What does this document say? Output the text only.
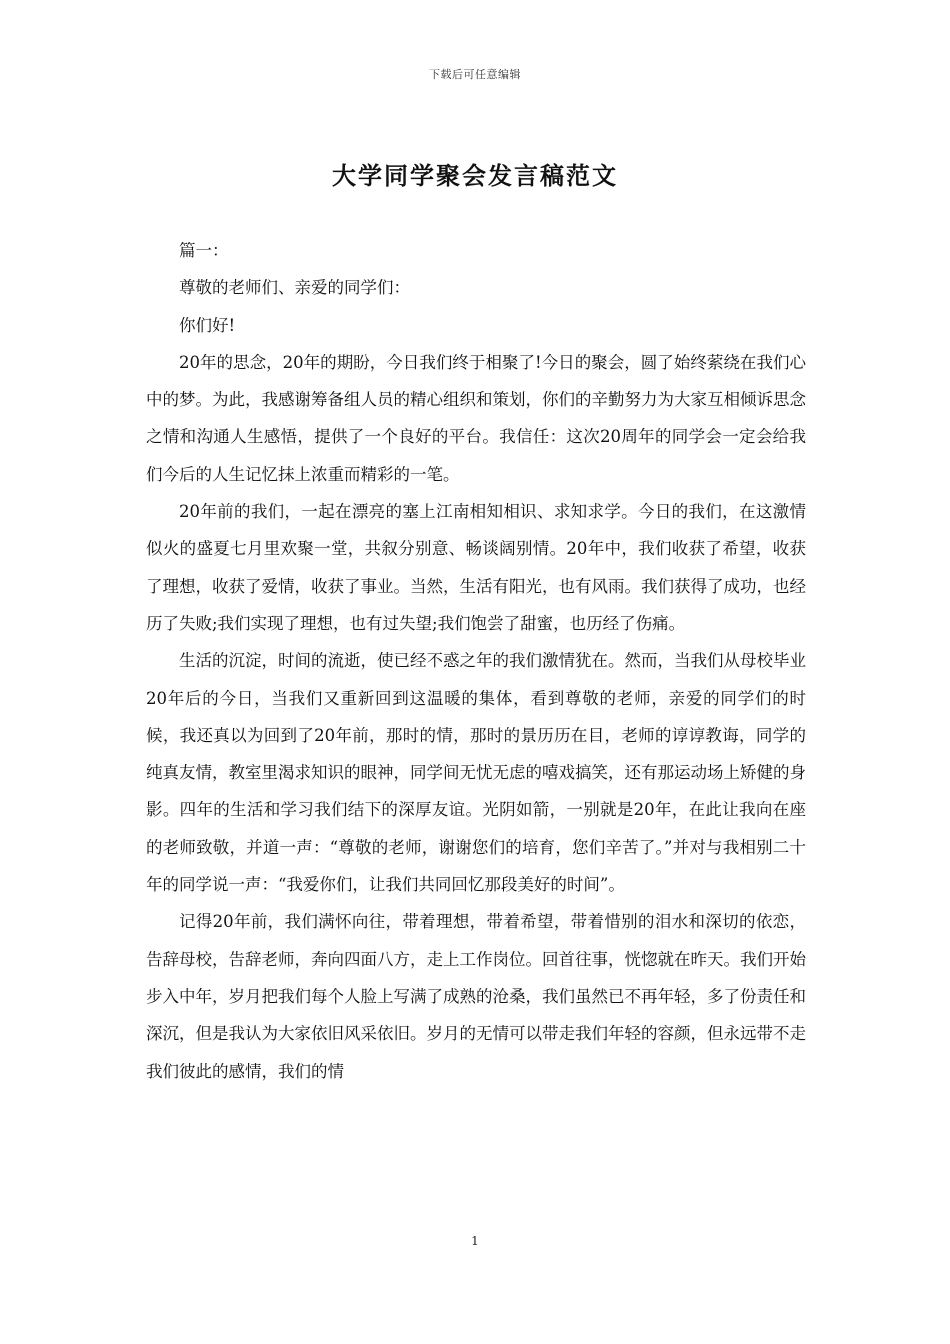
下载后可任意编辑
大学同学聚会发言稿范文

篇一：

尊敬的老师们、亲爱的同学们：

你们好!

20年的思念，20年的期盼，今日我们终于相聚了!今日的聚会，圆了始终萦绕在我们心中的梦。为此，我感谢筹备组人员的精心组织和策划，你们的辛勤努力为大家互相倾诉思念之情和沟通人生感悟，提供了一个良好的平台。我信任：这次20周年的同学会一定会给我们今后的人生记忆抹上浓重而精彩的一笔。

20年前的我们，一起在漂亮的塞上江南相知相识、求知求学。今日的我们，在这激情似火的盛夏七月里欢聚一堂，共叙分别意、畅谈阔别情。20年中，我们收获了希望，收获了理想，收获了爱情，收获了事业。当然，生活有阳光，也有风雨。我们获得了成功，也经历了失败;我们实现了理想，也有过失望;我们饱尝了甜蜜，也历经了伤痛。

生活的沉淀，时间的流逝，使已经不惑之年的我们激情犹在。然而，当我们从母校毕业20年后的今日，当我们又重新回到这温暖的集体，看到尊敬的老师，亲爱的同学们的时候，我还真以为回到了20年前，那时的情，那时的景历历在目，老师的谆谆教诲，同学的纯真友情，教室里渴求知识的眼神，同学间无忧无虑的嘻戏搞笑，还有那运动场上矫健的身影。四年的生活和学习我们结下的深厚友谊。光阴如箭，一别就是20年，在此让我向在座的老师致敬，并道一声：“尊敬的老师，谢谢您们的培育，您们辛苦了。”并对与我相别二十年的同学说一声：“我爱你们，让我们共同回忆那段美好的时间”。

记得20年前，我们满怀向往，带着理想，带着希望，带着惜别的泪水和深切的依恋，告辞母校，告辞老师，奔向四面八方，走上工作岗位。回首往事，恍惚就在昨天。我们开始步入中年，岁月把我们每个人脸上写满了成熟的沧桑，我们虽然已不再年轻，多了份责任和深沉，但是我认为大家依旧风采依旧。岁月的无情可以带走我们年轻的容颜，但永远带不走我们彼此的感情，我们的情

1
